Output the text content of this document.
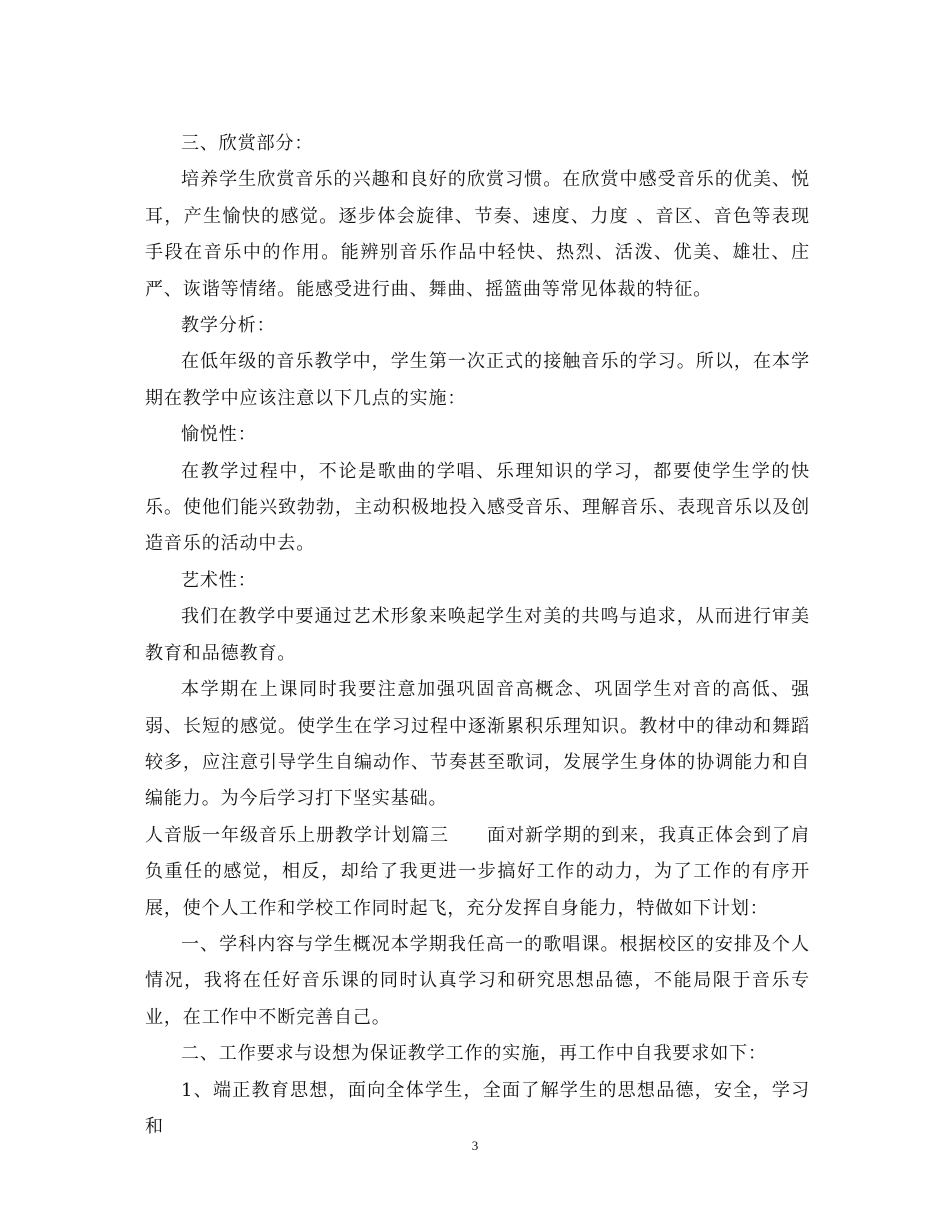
三、欣赏部分：

培养学生欣赏音乐的兴趣和良好的欣赏习惯。在欣赏中感受音乐的优美、悦耳，产生愉快的感觉。逐步体会旋律、节奏、速度、力度 、音区、音色等表现手段在音乐中的作用。能辨别音乐作品中轻快、热烈、活泼、优美、雄壮、庄严、诙谐等情绪。能感受进行曲、舞曲、摇篮曲等常见体裁的特征。

教学分析：

在低年级的音乐教学中，学生第一次正式的接触音乐的学习。所以，在本学期在教学中应该注意以下几点的实施：

愉悦性：

在教学过程中，不论是歌曲的学唱、乐理知识的学习，都要使学生学的快乐。使他们能兴致勃勃，主动积极地投入感受音乐、理解音乐、表现音乐以及创造音乐的活动中去。

艺术性：

我们在教学中要通过艺术形象来唤起学生对美的共鸣与追求，从而进行审美教育和品德教育。

本学期在上课同时我要注意加强巩固音高概念、巩固学生对音的高低、强弱、长短的感觉。使学生在学习过程中逐渐累积乐理知识。教材中的律动和舞蹈较多，应注意引导学生自编动作、节奏甚至歌词，发展学生身体的协调能力和自编能力。为今后学习打下坚实基础。

人音版一年级音乐上册教学计划篇三　　面对新学期的到来，我真正体会到了肩负重任的感觉，相反，却给了我更进一步搞好工作的动力，为了工作的有序开展，使个人工作和学校工作同时起飞，充分发挥自身能力，特做如下计划：

一、学科内容与学生概况本学期我任高一的歌唱课。根据校区的安排及个人情况，我将在任好音乐课的同时认真学习和研究思想品德，不能局限于音乐专业，在工作中不断完善自己。

二、工作要求与设想为保证教学工作的实施，再工作中自我要求如下：

1、端正教育思想，面向全体学生，全面了解学生的思想品德，安全，学习和

3
